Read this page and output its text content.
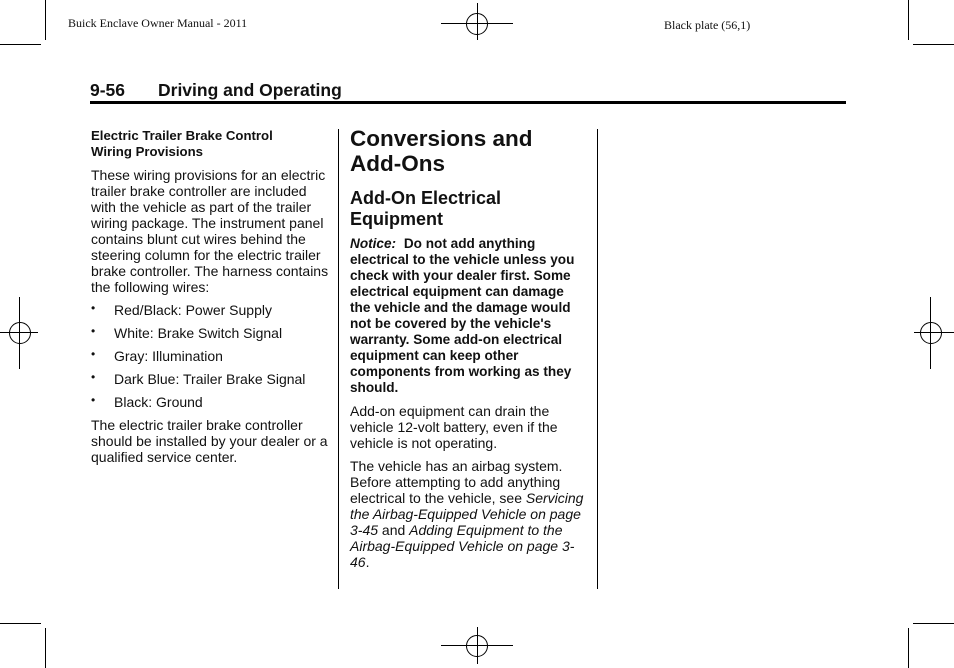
Buick Enclave Owner Manual - 2011	Black plate (56,1)
9-56 Driving and Operating
Electric Trailer Brake Control
Wiring Provisions

These wiring provisions for an electric trailer brake controller are included with the vehicle as part of the trailer wiring package. The instrument panel contains blunt cut wires behind the steering column for the electric trailer brake controller. The harness contains the following wires:

• Red/Black: Power Supply
• White: Brake Switch Signal
• Gray: Illumination
• Dark Blue: Trailer Brake Signal
• Black: Ground

The electric trailer brake controller should be installed by your dealer or a qualified service center.

Conversions and
Add-Ons
Add-On Electrical
Equipment

Notice: Do not add anything electrical to the vehicle unless you check with your dealer first. Some electrical equipment can damage the vehicle and the damage would not be covered by the vehicle's warranty. Some add-on electrical equipment can keep other components from working as they should.

Add-on equipment can drain the vehicle 12-volt battery, even if the vehicle is not operating.

The vehicle has an airbag system. Before attempting to add anything electrical to the vehicle, see Servicing the Airbag-Equipped Vehicle on page 3-45 and Adding Equipment to the Airbag-Equipped Vehicle on page 3-46.
